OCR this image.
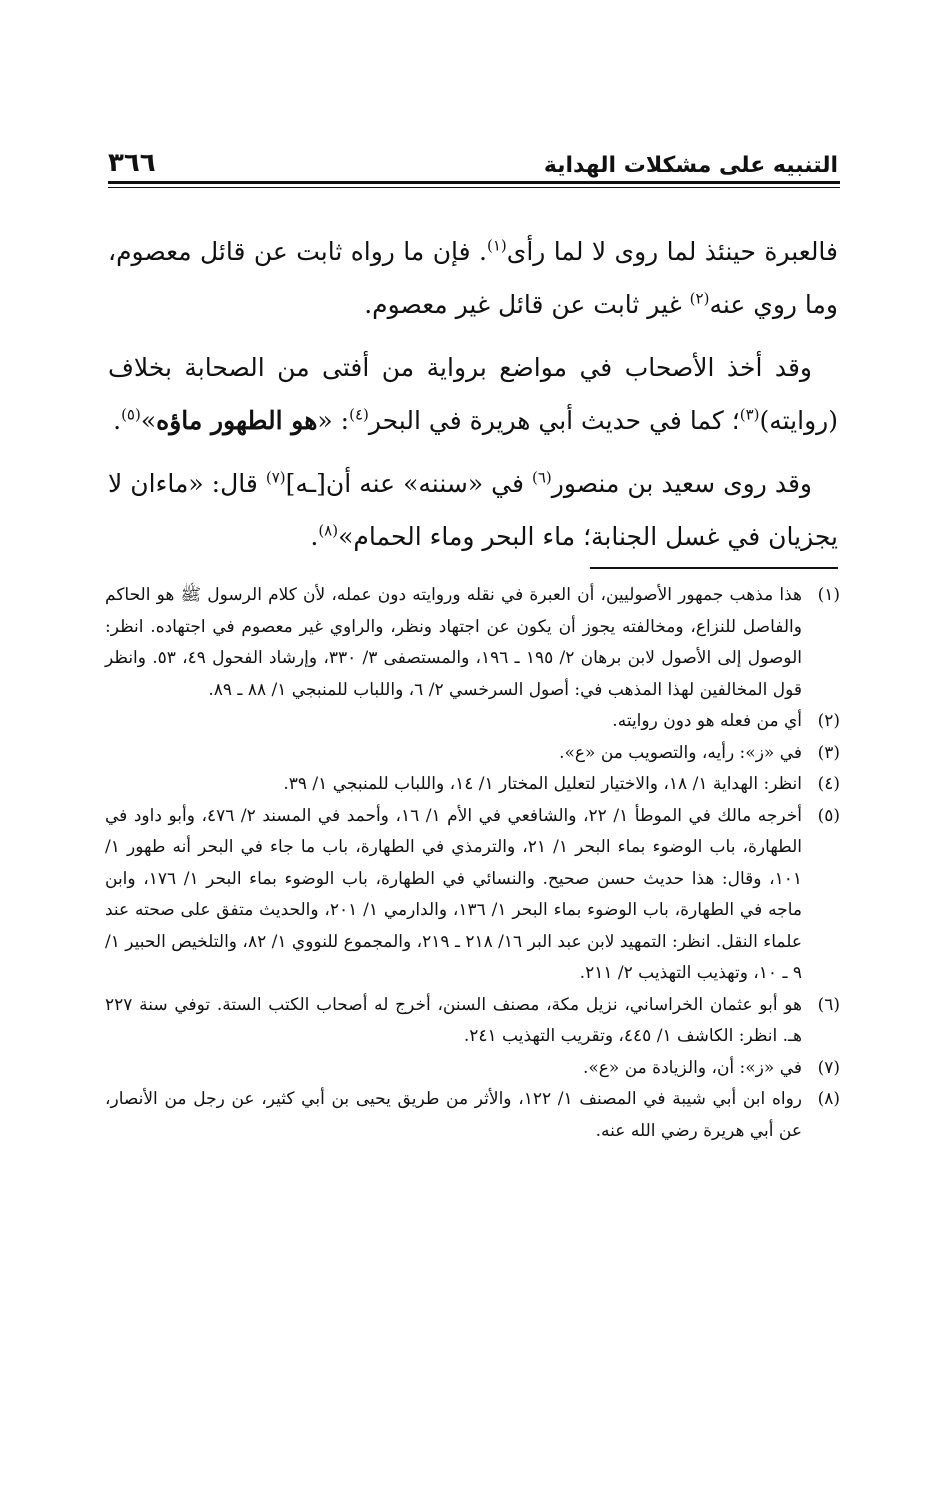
التنبيه على مشكلات الهداية
٣٦٦

فالعبرة حينئذ لما روى لا لما رأى$^{(١)}$. فإن ما رواه ثابت عن قائل معصوم، وما روي عنه$^{(٢)}$ غير ثابت عن قائل غير معصوم.

وقد أخذ الأصحاب في مواضع برواية من أفتى من الصحابة بخلاف (روايته)$^{(٣)}$؛ كما في حديث أبي هريرة في البحر$^{(٤)}$: «هو الطهور ماؤه»$^{(٥)}$.

وقد روى سعيد بن منصور$^{(٦)}$ في «سننه» عنه أن[ـه]$^{(٧)}$ قال: «ماءان لا يجزيان في غسل الجنابة؛ ماء البحر وماء الحمام»$^{(٨)}$.

(١)
هذا مذهب جمهور الأصوليين، أن العبرة في نقله وروايته دون عمله، لأن كلام الرسول ﷺ هو الحاكم والفاصل للنزاع، ومخالفته يجوز أن يكون عن اجتهاد ونظر، والراوي غير معصوم في اجتهاده. انظر: الوصول إلى الأصول لابن برهان ٢/ ١٩٥ ـ ١٩٦، والمستصفى ٣/ ٣٣٠، وإرشاد الفحول ٤٩، ٥٣. وانظر قول المخالفين لهذا المذهب في: أصول السرخسي ٢/ ٦، واللباب للمنبجي ١/ ٨٨ ـ ٨٩.
(٢)
أي من فعله هو دون روايته.
(٣)
في «ز»: رأيه، والتصويب من «ع».
(٤)
انظر: الهداية ١/ ١٨، والاختيار لتعليل المختار ١/ ١٤، واللباب للمنبجي ١/ ٣٩.
(٥)
أخرجه مالك في الموطأ ١/ ٢٢، والشافعي في الأم ١/ ١٦، وأحمد في المسند ٢/ ٤٧٦، وأبو داود في الطهارة، باب الوضوء بماء البحر ١/ ٢١، والترمذي في الطهارة، باب ما جاء في البحر أنه طهور ١/ ١٠١، وقال: هذا حديث حسن صحيح. والنسائي في الطهارة، باب الوضوء بماء البحر ١/ ١٧٦، وابن ماجه في الطهارة، باب الوضوء بماء البحر ١/ ١٣٦، والدارمي ١/ ٢٠١، والحديث متفق على صحته عند علماء النقل. انظر: التمهيد لابن عبد البر ١٦/ ٢١٨ ـ ٢١٩، والمجموع للنووي ١/ ٨٢، والتلخيص الحبير ١/ ٩ ـ ١٠، وتهذيب التهذيب ٢/ ٢١١.
(٦)
هو أبو عثمان الخراساني، نزيل مكة، مصنف السنن، أخرج له أصحاب الكتب الستة. توفي سنة ٢٢٧ هـ. انظر: الكاشف ١/ ٤٤٥، وتقريب التهذيب ٢٤١.
(٧)
في «ز»: أن، والزيادة من «ع».
(٨)
رواه ابن أبي شيبة في المصنف ١/ ١٢٢، والأثر من طريق يحيى بن أبي كثير، عن رجل من الأنصار، عن أبي هريرة رضي الله عنه.
